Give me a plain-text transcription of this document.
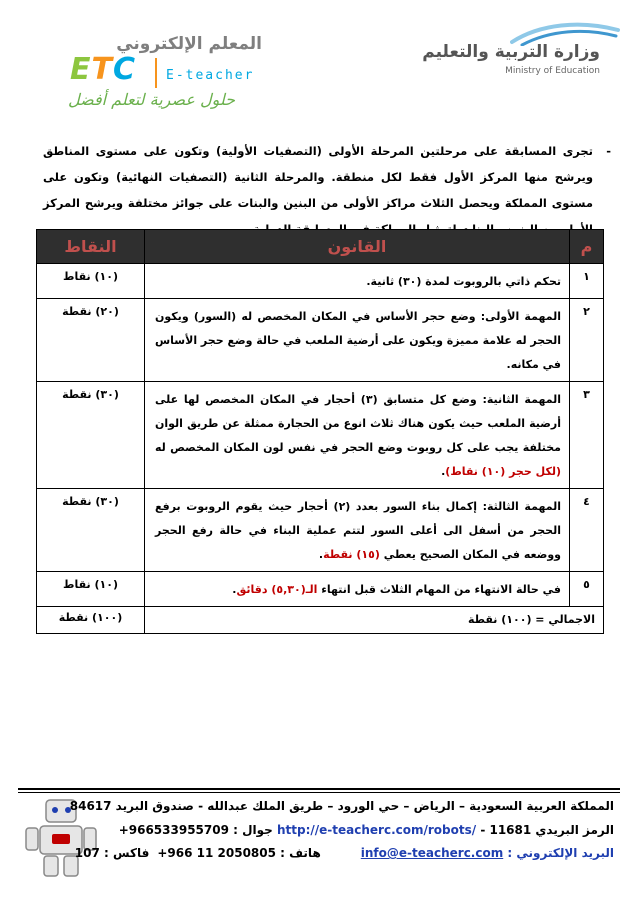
المعلم الإلكتروني
ETC E-teacher
حلول عصرية لتعلم أفضل
وزارة التربية والتعليم
Ministry of Education
-
تجرى المسابقة على مرحلتين المرحلة الأولى (التصفيات الأولية) وتكون على مستوى المناطق ويرشح منها المركز الأول فقط لكل منطقة. والمرحلة الثانية (التصفيات النهائية) وتكون على مستوى المملكة ويحصل الثلاث مراكز الأولى من البنين والبنات على جوائز مختلفة ويرشح المركز
م	القانون	النقاط
١	تحكم ذاتي بالروبوت لمدة (٣٠) ثانية.	(١٠) نقاط
٢	المهمة الأولى: وضع حجر الأساس في المكان المخصص له (السور) ويكون الحجر له علامة مميزة ويكون على أرضية الملعب في حالة وضع حجر الأساس في مكانه.	(٢٠) نقطة
٣	المهمة الثانية: وضع كل متسابق (٣) أحجار في المكان المخصص لها على أرضية الملعب حيث يكون هناك ثلاث انوع من الحجارة ممثلة عن طريق الوان مختلفة يجب على كل روبوت وضع الحجر في نفس لون المكان المخصص له (لكل حجر (١٠) نقاط).	(٣٠) نقطة
٤	المهمة الثالثة: إكمال بناء السور بعدد (٢) أحجار حيث يقوم الروبوت برفع الحجر من أسفل الى أعلى السور لتتم عملية البناء في حالة رفع الحجر ووضعه في المكان الصحيح يعطي (١٥) نقطة.	(٣٠) نقطة
٥	في حالة الانتهاء من المهام الثلاث قبل انتهاء الـ(٥,٣٠) دقائق.	(١٠) نقاط
الاجمالي = (١٠٠) نقطة		(١٠٠) نقطة
المملكة العربية السعودية – الرياض – حي الورود – طريق الملك عبدالله - صندوق البريد 84617
الرمز البريدي 11681 - http://e-teacherc.com/robots/ جوال : +966533955709
البريد الإلكتروني : info@e-teacherc.comهاتف : 2050805 11 966+فاكس : 107
